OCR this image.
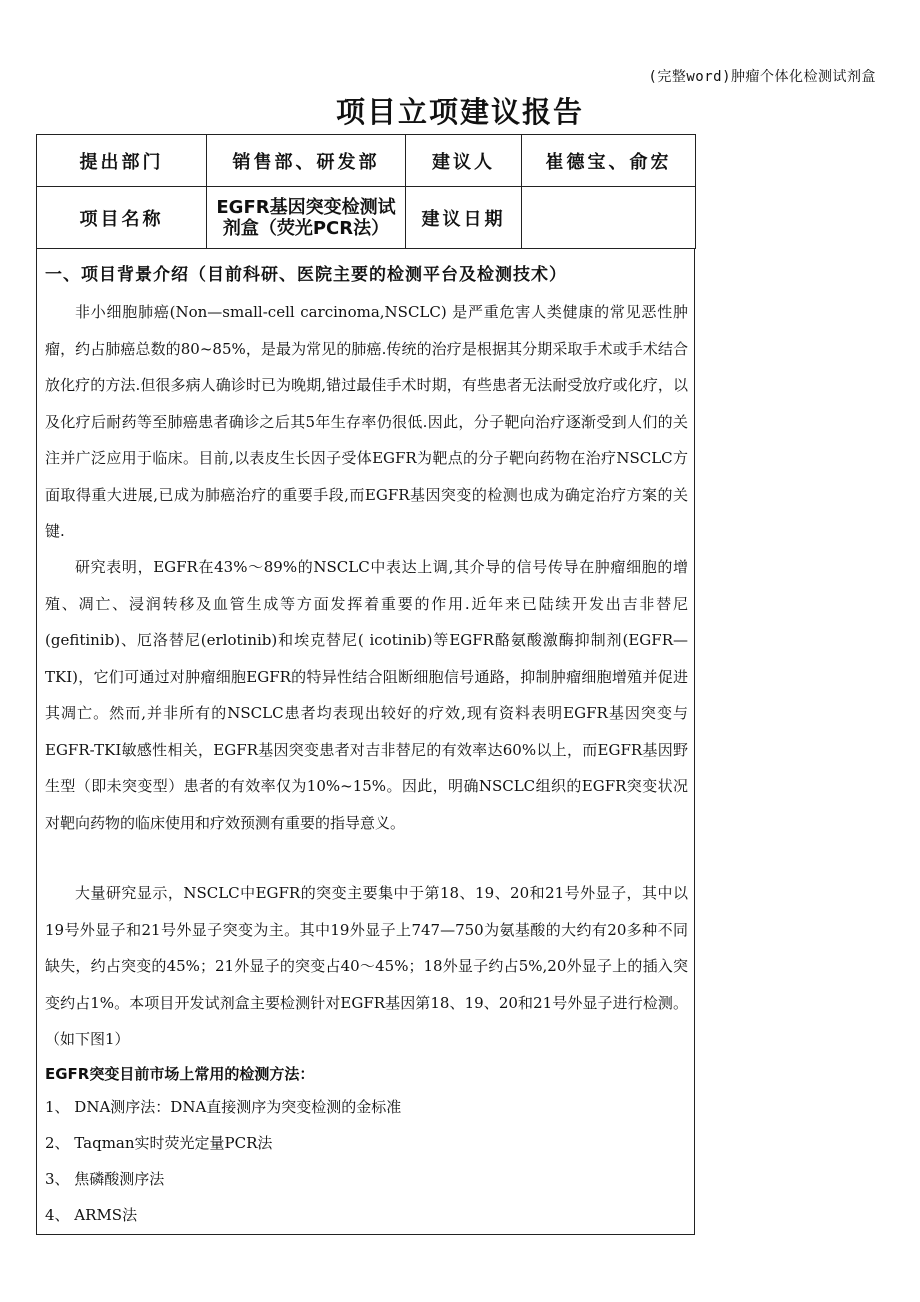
(完整word)肿瘤个体化检测试剂盒
项目立项建议报告
提出部门	销售部、研发部	建议人	崔德宝、俞宏
项目名称	EGFR基因突变检测试剂盒（荧光PCR法）	建议日期	
一、项目背景介绍（目前科研、医院主要的检测平台及检测技术）

非小细胞肺癌(Non—small-cell carcinoma,NSCLC) 是严重危害人类健康的常见恶性肿瘤，约占肺癌总数的80~85%，是最为常见的肺癌.传统的治疗是根据其分期采取手术或手术结合放化疗的方法.但很多病人确诊时已为晚期,错过最佳手术时期，有些患者无法耐受放疗或化疗，以及化疗后耐药等至肺癌患者确诊之后其5年生存率仍很低.因此，分子靶向治疗逐渐受到人们的关注并广泛应用于临床。目前,以表皮生长因子受体EGFR为靶点的分子靶向药物在治疗NSCLC方面取得重大进展,已成为肺癌治疗的重要手段,而EGFR基因突变的检测也成为确定治疗方案的关键.

研究表明，EGFR在43%～89%的NSCLC中表达上调,其介导的信号传导在肿瘤细胞的增殖、凋亡、浸润转移及血管生成等方面发挥着重要的作用.近年来已陆续开发出吉非替尼(gefitinib)、厄洛替尼(erlotinib)和埃克替尼( icotinib)等EGFR酪氨酸激酶抑制剂(EGFR—TKI)，它们可通过对肿瘤细胞EGFR的特异性结合阻断细胞信号通路，抑制肿瘤细胞增殖并促进其凋亡。然而,并非所有的NSCLC患者均表现出较好的疗效,现有资料表明EGFR基因突变与EGFR-TKI敏感性相关，EGFR基因突变患者对吉非替尼的有效率达60%以上，而EGFR基因野生型（即未突变型）患者的有效率仅为10%~15%。因此，明确NSCLC组织的EGFR突变状况对靶向药物的临床使用和疗效预测有重要的指导意义。

大量研究显示，NSCLC中EGFR的突变主要集中于第18、19、20和21号外显子，其中以19号外显子和21号外显子突变为主。其中19外显子上747—750为氨基酸的大约有20多种不同缺失，约占突变的45%；21外显子的突变占40～45%；18外显子约占5%,20外显子上的插入突变约占1%。本项目开发试剂盒主要检测针对EGFR基因第18、19、20和21号外显子进行检测。（如下图1）

EGFR突变目前市场上常用的检测方法：
1、 DNA测序法：DNA直接测序为突变检测的金标准
2、 Taqman实时荧光定量PCR法
3、 焦磷酸测序法
4、 ARMS法
